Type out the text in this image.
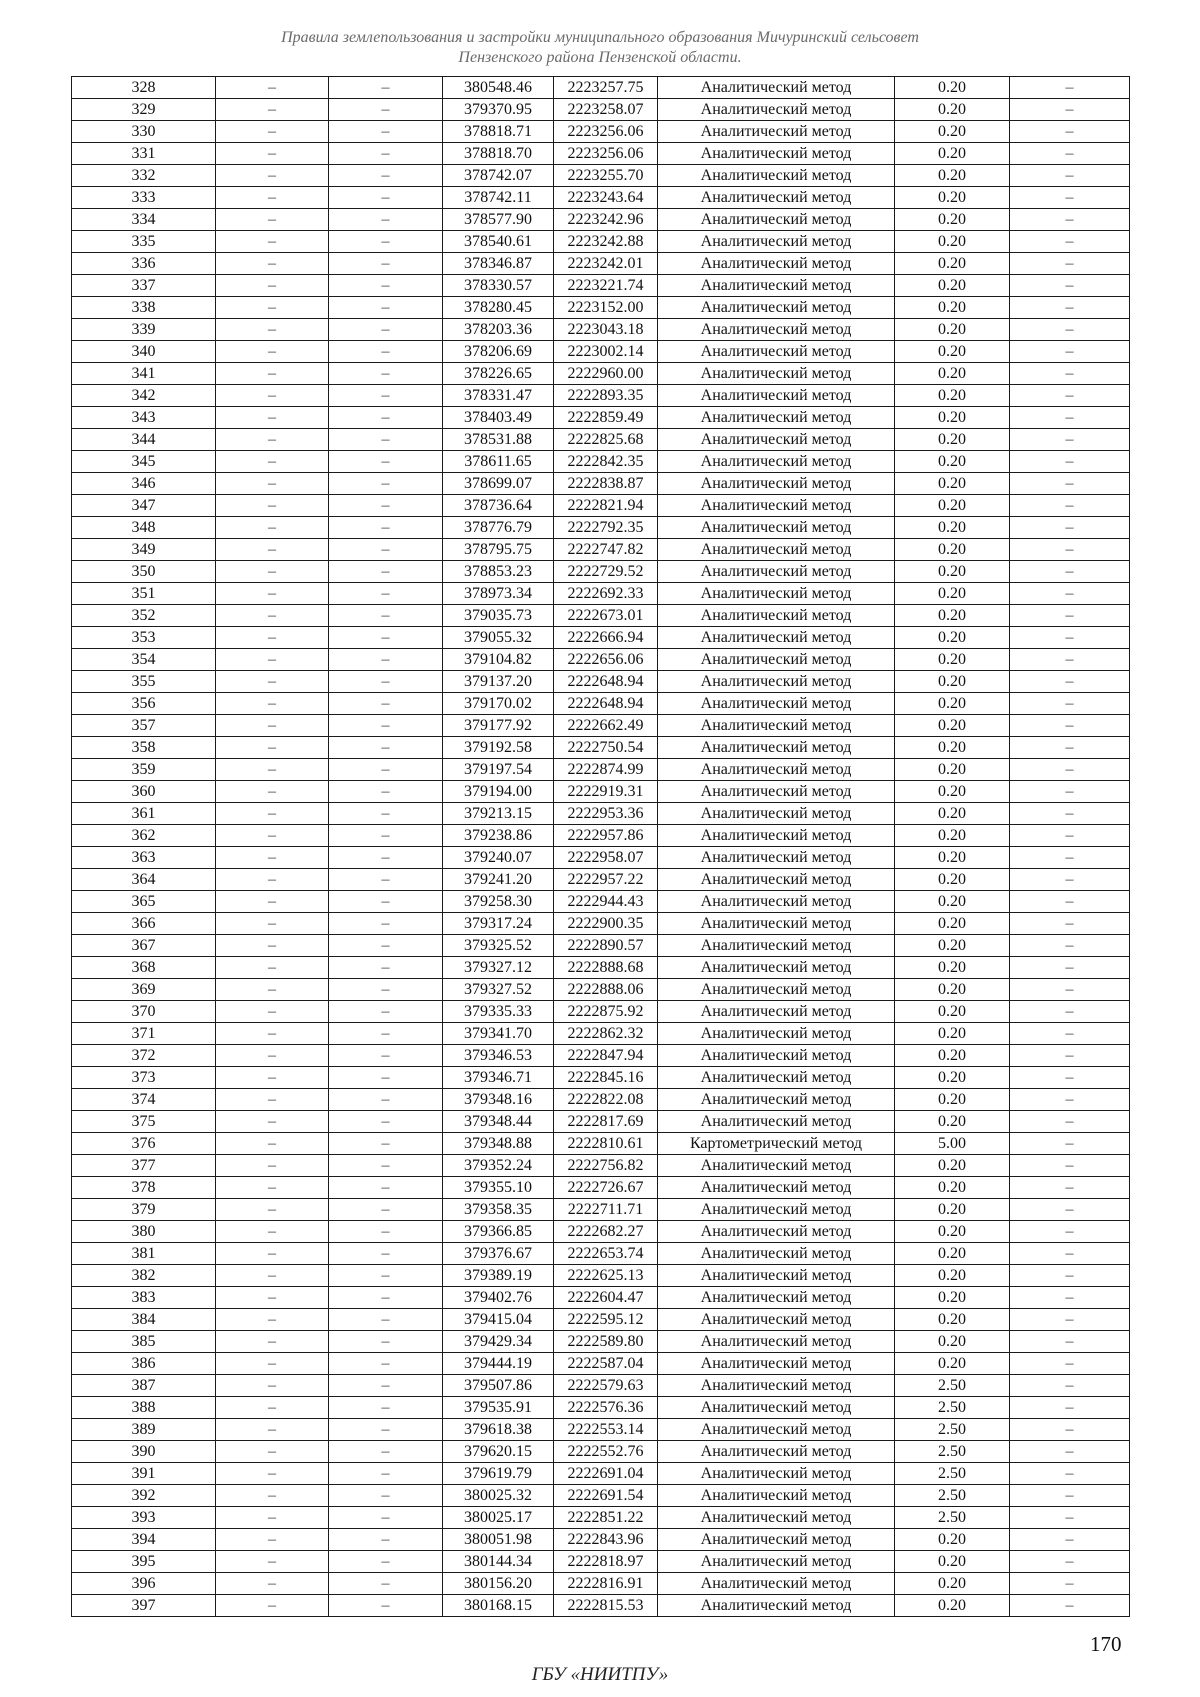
Правила землепользования и застройки муниципального образования Мичуринский сельсовет
Пензенского района Пензенской области.
328	–	–	380548.46	2223257.75	Аналитический метод	0.20	–
329	–	–	379370.95	2223258.07	Аналитический метод	0.20	–
330	–	–	378818.71	2223256.06	Аналитический метод	0.20	–
331	–	–	378818.70	2223256.06	Аналитический метод	0.20	–
332	–	–	378742.07	2223255.70	Аналитический метод	0.20	–
333	–	–	378742.11	2223243.64	Аналитический метод	0.20	–
334	–	–	378577.90	2223242.96	Аналитический метод	0.20	–
335	–	–	378540.61	2223242.88	Аналитический метод	0.20	–
336	–	–	378346.87	2223242.01	Аналитический метод	0.20	–
337	–	–	378330.57	2223221.74	Аналитический метод	0.20	–
338	–	–	378280.45	2223152.00	Аналитический метод	0.20	–
339	–	–	378203.36	2223043.18	Аналитический метод	0.20	–
340	–	–	378206.69	2223002.14	Аналитический метод	0.20	–
341	–	–	378226.65	2222960.00	Аналитический метод	0.20	–
342	–	–	378331.47	2222893.35	Аналитический метод	0.20	–
343	–	–	378403.49	2222859.49	Аналитический метод	0.20	–
344	–	–	378531.88	2222825.68	Аналитический метод	0.20	–
345	–	–	378611.65	2222842.35	Аналитический метод	0.20	–
346	–	–	378699.07	2222838.87	Аналитический метод	0.20	–
347	–	–	378736.64	2222821.94	Аналитический метод	0.20	–
348	–	–	378776.79	2222792.35	Аналитический метод	0.20	–
349	–	–	378795.75	2222747.82	Аналитический метод	0.20	–
350	–	–	378853.23	2222729.52	Аналитический метод	0.20	–
351	–	–	378973.34	2222692.33	Аналитический метод	0.20	–
352	–	–	379035.73	2222673.01	Аналитический метод	0.20	–
353	–	–	379055.32	2222666.94	Аналитический метод	0.20	–
354	–	–	379104.82	2222656.06	Аналитический метод	0.20	–
355	–	–	379137.20	2222648.94	Аналитический метод	0.20	–
356	–	–	379170.02	2222648.94	Аналитический метод	0.20	–
357	–	–	379177.92	2222662.49	Аналитический метод	0.20	–
358	–	–	379192.58	2222750.54	Аналитический метод	0.20	–
359	–	–	379197.54	2222874.99	Аналитический метод	0.20	–
360	–	–	379194.00	2222919.31	Аналитический метод	0.20	–
361	–	–	379213.15	2222953.36	Аналитический метод	0.20	–
362	–	–	379238.86	2222957.86	Аналитический метод	0.20	–
363	–	–	379240.07	2222958.07	Аналитический метод	0.20	–
364	–	–	379241.20	2222957.22	Аналитический метод	0.20	–
365	–	–	379258.30	2222944.43	Аналитический метод	0.20	–
366	–	–	379317.24	2222900.35	Аналитический метод	0.20	–
367	–	–	379325.52	2222890.57	Аналитический метод	0.20	–
368	–	–	379327.12	2222888.68	Аналитический метод	0.20	–
369	–	–	379327.52	2222888.06	Аналитический метод	0.20	–
370	–	–	379335.33	2222875.92	Аналитический метод	0.20	–
371	–	–	379341.70	2222862.32	Аналитический метод	0.20	–
372	–	–	379346.53	2222847.94	Аналитический метод	0.20	–
373	–	–	379346.71	2222845.16	Аналитический метод	0.20	–
374	–	–	379348.16	2222822.08	Аналитический метод	0.20	–
375	–	–	379348.44	2222817.69	Аналитический метод	0.20	–
376	–	–	379348.88	2222810.61	Картометрический метод	5.00	–
377	–	–	379352.24	2222756.82	Аналитический метод	0.20	–
378	–	–	379355.10	2222726.67	Аналитический метод	0.20	–
379	–	–	379358.35	2222711.71	Аналитический метод	0.20	–
380	–	–	379366.85	2222682.27	Аналитический метод	0.20	–
381	–	–	379376.67	2222653.74	Аналитический метод	0.20	–
382	–	–	379389.19	2222625.13	Аналитический метод	0.20	–
383	–	–	379402.76	2222604.47	Аналитический метод	0.20	–
384	–	–	379415.04	2222595.12	Аналитический метод	0.20	–
385	–	–	379429.34	2222589.80	Аналитический метод	0.20	–
386	–	–	379444.19	2222587.04	Аналитический метод	0.20	–
387	–	–	379507.86	2222579.63	Аналитический метод	2.50	–
388	–	–	379535.91	2222576.36	Аналитический метод	2.50	–
389	–	–	379618.38	2222553.14	Аналитический метод	2.50	–
390	–	–	379620.15	2222552.76	Аналитический метод	2.50	–
391	–	–	379619.79	2222691.04	Аналитический метод	2.50	–
392	–	–	380025.32	2222691.54	Аналитический метод	2.50	–
393	–	–	380025.17	2222851.22	Аналитический метод	2.50	–
394	–	–	380051.98	2222843.96	Аналитический метод	0.20	–
395	–	–	380144.34	2222818.97	Аналитический метод	0.20	–
396	–	–	380156.20	2222816.91	Аналитический метод	0.20	–
397	–	–	380168.15	2222815.53	Аналитический метод	0.20	–
170
ГБУ «НИИТПУ»
